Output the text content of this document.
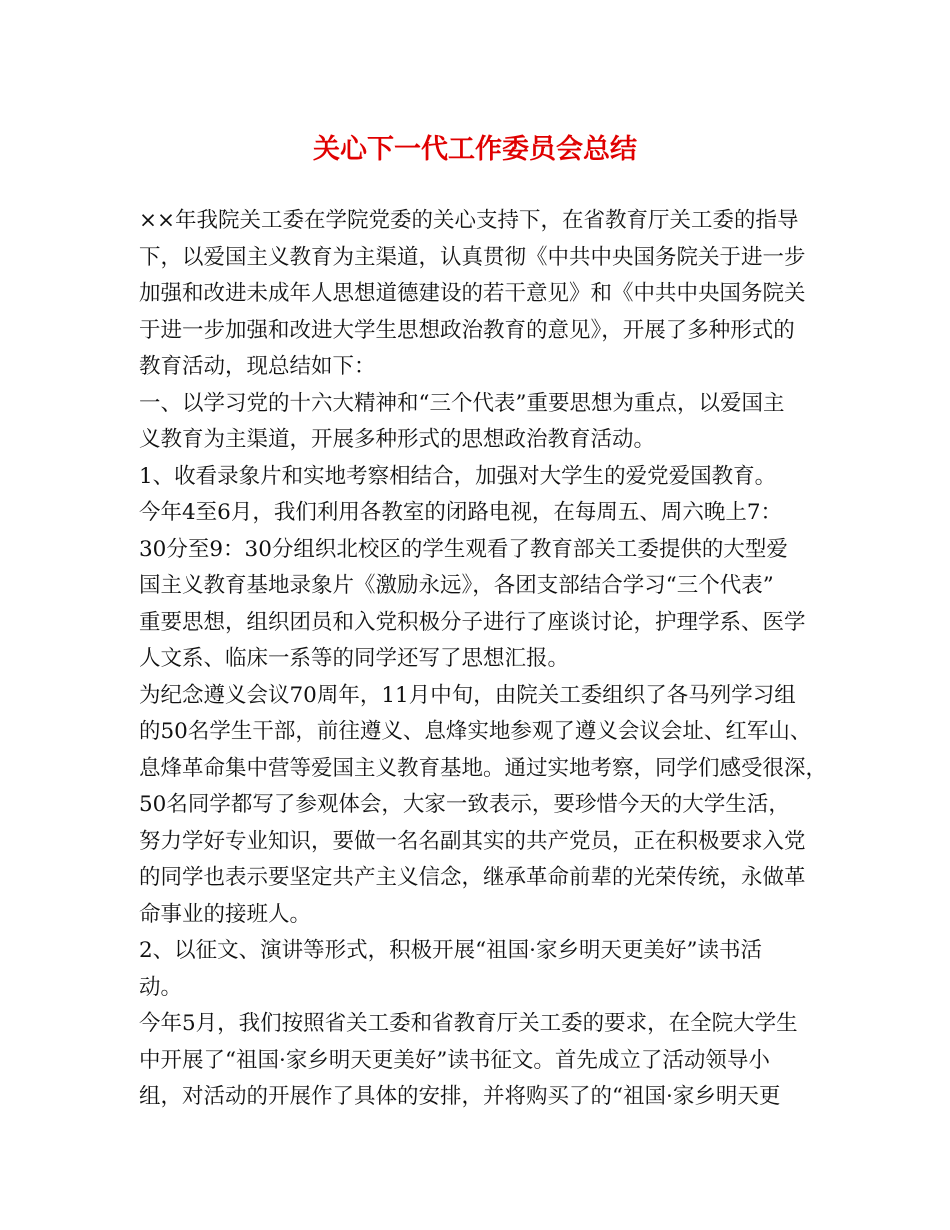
关心下一代工作委员会总结
××年我院关工委在学院党委的关心支持下，在省教育厅关工委的指导
下，以爱国主义教育为主渠道，认真贯彻《中共中央国务院关于进一步
加强和改进未成年人思想道德建设的若干意见》和《中共中央国务院关
于进一步加强和改进大学生思想政治教育的意见》，开展了多种形式的
教育活动，现总结如下：
一、以学习党的十六大精神和“三个代表”重要思想为重点，以爱国主
义教育为主渠道，开展多种形式的思想政治教育活动。
1、收看录象片和实地考察相结合，加强对大学生的爱党爱国教育。
今年4至6月，我们利用各教室的闭路电视，在每周五、周六晚上7：
30分至9：30分组织北校区的学生观看了教育部关工委提供的大型爱
国主义教育基地录象片《激励永远》，各团支部结合学习“三个代表”
重要思想，组织团员和入党积极分子进行了座谈讨论，护理学系、医学
人文系、临床一系等的同学还写了思想汇报。
为纪念遵义会议70周年，11月中旬，由院关工委组织了各马列学习组
的50名学生干部，前往遵义、息烽实地参观了遵义会议会址、红军山、
息烽革命集中营等爱国主义教育基地。通过实地考察，同学们感受很深，
50名同学都写了参观体会，大家一致表示，要珍惜今天的大学生活，
努力学好专业知识，要做一名名副其实的共产党员，正在积极要求入党
的同学也表示要坚定共产主义信念，继承革命前辈的光荣传统，永做革
命事业的接班人。
2、以征文、演讲等形式，积极开展“祖国·家乡明天更美好”读书活
动。
今年5月，我们按照省关工委和省教育厅关工委的要求，在全院大学生
中开展了“祖国·家乡明天更美好”读书征文。首先成立了活动领导小
组，对活动的开展作了具体的安排，并将购买了的“祖国·家乡明天更
